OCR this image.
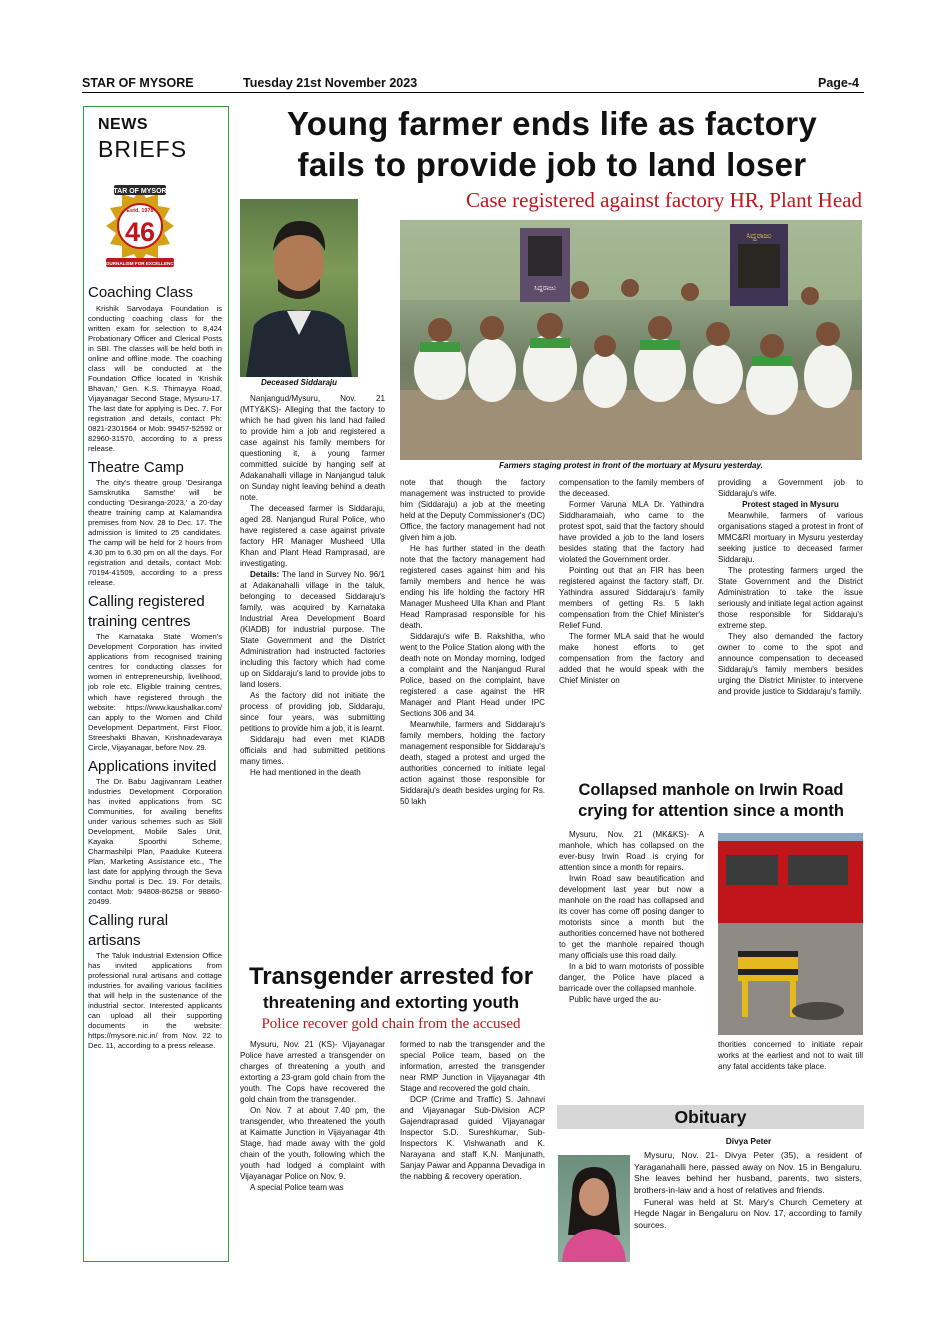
STAR OF MYSORE	Tuesday 21st November 2023	Page-4
NEWS
BRIEFS
STAR OF MYSORE
Estd. 1978
46
JOURNALISM FOR EXCELLENCE
Coaching Class

Krishik Sarvodaya Foundation is conducting coaching class for the written exam for selection to 8,424 Probationary Officer and Clerical Posts in SBI. The classes will be held both in online and offline mode. The coaching class will be conducted at the Foundation Office located in 'Krishik Bhavan,' Gen. K.S. Thimayya Road, Vijayanagar Second Stage, Mysuru-17. The last date for applying is Dec. 7. For registration and details, contact Ph: 0821-2301564 or Mob: 99457-52592 or 82960-31570, according to a press release.

Theatre Camp

The city's theatre group 'Desiranga Samskrutika Samsthe' will be conducting 'Desiranga-2023,' a 20-day theatre training camp at Kalamandira premises from Nov. 28 to Dec. 17. The admission is limited to 25 candidates. The camp will be held for 2 hours from 4.30 pm to 6.30 pm on all the days. For registration and details, contact Mob: 70194-41509, according to a press release.

Calling registered training centres

The Karnataka State Women's Development Corporation has invited applications from recognised training centres for conducting classes for women in entrepreneurship, livelihood, job role etc. Eligible training centres, which have registered through the website: https://www.kaushalkar.com/ can apply to the Women and Child Development Department, First Floor, Streeshakti Bhavan, Krishnadevaraya Circle, Vijayanagar, before Nov. 29.

Applications invited

The Dr. Babu Jagjivanram Leather Industries Development Corporation has invited applications from SC Communities, for availing benefits under various schemes such as Skill Development, Mobile Sales Unit, Kayaka Spoorthi Scheme, Charmashilpi Plan, Paaduke Kuteera Plan, Marketing Assistance etc., The last date for applying through the Seva Sindhu portal is Dec. 19. For details, contact Mob: 94808-86258 or 98860-20499.

Calling rural artisans

The Taluk Industrial Extension Office has invited applications from professional rural artisans and cottage industries for availing various facilities that will help in the sustenance of the industrial sector. Interested applicants can upload all their supporting documents in the website: https://mysore.nic.in/ from Nov. 22 to Dec. 11, according to a press release.

Young farmer ends life as factory
fails to provide job to land loser
Case registered against factory HR, Plant Head
Deceased Siddaraju
ಸಿದ್ದರಾಜು
ಸಿದ್ದರಾಜು
Farmers staging protest in front of the mortuary at Mysuru yesterday.

Nanjangud/Mysuru, Nov. 21 (MTY&KS)- Alleging that the factory to which he had given his land had failed to provide him a job and registered a case against his family members for questioning it, a young farmer committed suicide by hanging self at Adakanahalli village in Nanjangud taluk on Sunday night leaving behind a death note.

The deceased farmer is Siddaraju, aged 28. Nanjangud Rural Police, who have registered a case against private factory HR Manager Musheed Ulla Khan and Plant Head Ramprasad, are investigating.

Details: The land in Survey No. 96/1 at Adakanahalli village in the taluk, belonging to deceased Siddaraju's family, was acquired by Karnataka Industrial Area Development Board (KIADB) for industrial purpose. The State Government and the District Administration had instructed factories including this factory which had come up on Siddaraju's land to provide jobs to land losers.

As the factory did not initiate the process of providing job, Siddaraju, since four years, was submitting petitions to provide him a job, it is learnt.

Siddaraju had even met KIADB officials and had submitted petitions many times.

He had mentioned in the death

note that though the factory management was instructed to provide him (Siddaraju) a job at the meeting held at the Deputy Commissioner's (DC) Office, the factory management had not given him a job.

He has further stated in the death note that the factory management had registered cases against him and his family members and hence he was ending his life holding the factory HR Manager Musheed Ulla Khan and Plant Head Ramprasad responsible for his death.

Siddaraju's wife B. Rakshitha, who went to the Police Station along with the death note on Monday morning, lodged a complaint and the Nanjangud Rural Police, based on the complaint, have registered a case against the HR Manager and Plant Head under IPC Sections 306 and 34.

Meanwhile, farmers and Siddaraju's family members, holding the factory management responsible for Siddaraju's death, staged a protest and urged the authorities concerned to initiate legal action against those responsible for Siddaraju's death besides urging for Rs. 50 lakh

compensation to the family members of the deceased.

Former Varuna MLA Dr. Yathindra Siddharamaiah, who came to the protest spot, said that the factory should have provided a job to the land losers besides stating that the factory had violated the Government order.

Pointing out that an FIR has been registered against the factory staff, Dr. Yathindra assured Siddaraju's family members of getting Rs. 5 lakh compensation from the Chief Minister's Relief Fund.

The former MLA said that he would make honest efforts to get compensation from the factory and added that he would speak with the Chief Minister on

providing a Government job to Siddaraju's wife.

Protest staged in Mysuru

Meanwhile, farmers of various organisations staged a protest in front of MMC&RI mortuary in Mysuru yesterday seeking justice to deceased farmer Siddaraju.

The protesting farmers urged the State Government and the District Administration to take the issue seriously and initiate legal action against those responsible for Siddaraju's extreme step.

They also demanded the factory owner to come to the spot and announce compensation to deceased Siddaraju's family members besides urging the District Minister to intervene and provide justice to Siddaraju's family.

Collapsed manhole on Irwin Road
crying for attention since a month

Mysuru, Nov. 21 (MK&KS)- A manhole, which has collapsed on the ever-busy Irwin Road is crying for attention since a month for repairs.

Irwin Road saw beautification and development last year but now a manhole on the road has collapsed and its cover has come off posing danger to motorists since a month but the authorities concerned have not bothered to get the manhole repaired though many officials use this road daily.

In a bid to warn motorists of possible danger, the Police have placed a barricade over the collapsed manhole.

Public have urged the au-

thorities concerned to initiate repair works at the earliest and not to wait till any fatal accidents take place.

Transgender arrested for
threatening and extorting youth
Police recover gold chain from the accused

Mysuru, Nov. 21 (KS)- Vijayanagar Police have arrested a transgender on charges of threatening a youth and extorting a 23-gram gold chain from the youth. The Cops have recovered the gold chain from the transgender.

On Nov. 7 at about 7.40 pm, the transgender, who threatened the youth at Kaimatte Junction in Vijayanagar 4th Stage, had made away with the gold chain of the youth, following which the youth had lodged a complaint with Vijayanagar Police on Nov. 9.

A special Police team was

formed to nab the transgender and the special Police team, based on the information, arrested the transgender near RMP Junction in Vijayanagar 4th Stage and recovered the gold chain.

DCP (Crime and Traffic) S. Jahnavi and Vijayanagar Sub-Division ACP Gajendraprasad guided Vijayanagar Inspector S.D. Sureshkumar, Sub-Inspectors K. Vishwanath and K. Narayana and staff K.N. Manjunath, Sanjay Pawar and Appanna Devadiga in the nabbing & recovery operation.

Obituary
Divya Peter

Mysuru, Nov. 21- Divya Peter (35), a resident of Yaraganahalli here, passed away on Nov. 15 in Bengaluru. She leaves behind her husband, parents, two sisters, brothers-in-law and a host of relatives and friends.

Funeral was held at St. Mary's Church Cemetery at Hegde Nagar in Bengaluru on Nov. 17, according to family sources.
